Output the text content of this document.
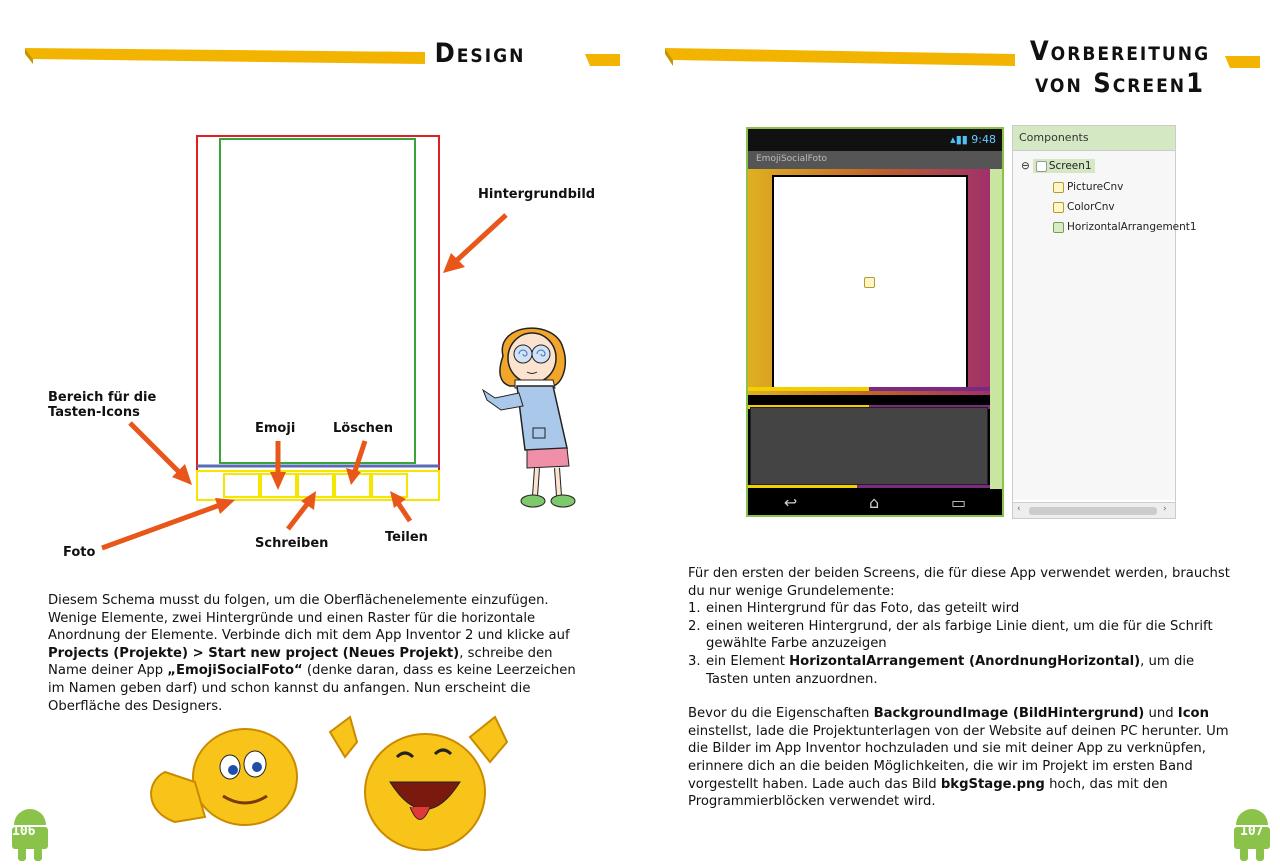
Design
Hintergrundbild
Bereich für die
Tasten-Icons
Emoji	Löschen
Foto
Schreiben	Teilen
Diesem Schema musst du folgen, um die Oberflächenelemente einzufügen. Wenige Elemente, zwei Hintergründe und einen Raster für die horizontale Anordnung der Elemente. Verbinde dich mit dem App Inventor 2 und klicke auf Projects (Projekte) > Start new project (Neues Projekt), schreibe den Name deiner App „EmojiSocialFoto“ (denke daran, dass es keine Leerzeichen im Namen geben darf) und schon kannst du anfangen. Nun erscheint die Oberfläche des Designers.
106
Vorbereitung
von Screen1
▴▮▮ 9:48
EmojiSocialFoto
↩	⌂	▭
Components
⊖ Screen1
PictureCnv
ColorCnv
HorizontalArrangement1
‹	›

Für den ersten der beiden Screens, die für diese App verwendet werden, brauchst du nur wenige Grundelemente:

1. einen Hintergrund für das Foto, das geteilt wird
2. einen weiteren Hintergrund, der als farbige Linie dient, um die für die Schrift gewählte Farbe anzuzeigen
3. ein Element HorizontalArrangement (AnordnungHorizontal), um die Tasten unten anzuordnen.

Bevor du die Eigenschaften BackgroundImage (BildHintergrund) und Icon einstellst, lade die Projektunterlagen von der Website auf deinen PC herunter. Um die Bilder im App Inventor hochzuladen und sie mit deiner App zu verknüpfen, erinnere dich an die beiden Möglichkeiten, die wir im Projekt im ersten Band vorgestellt haben. Lade auch das Bild bkgStage.png hoch, das mit den Programmierblöcken verwendet wird.

107
